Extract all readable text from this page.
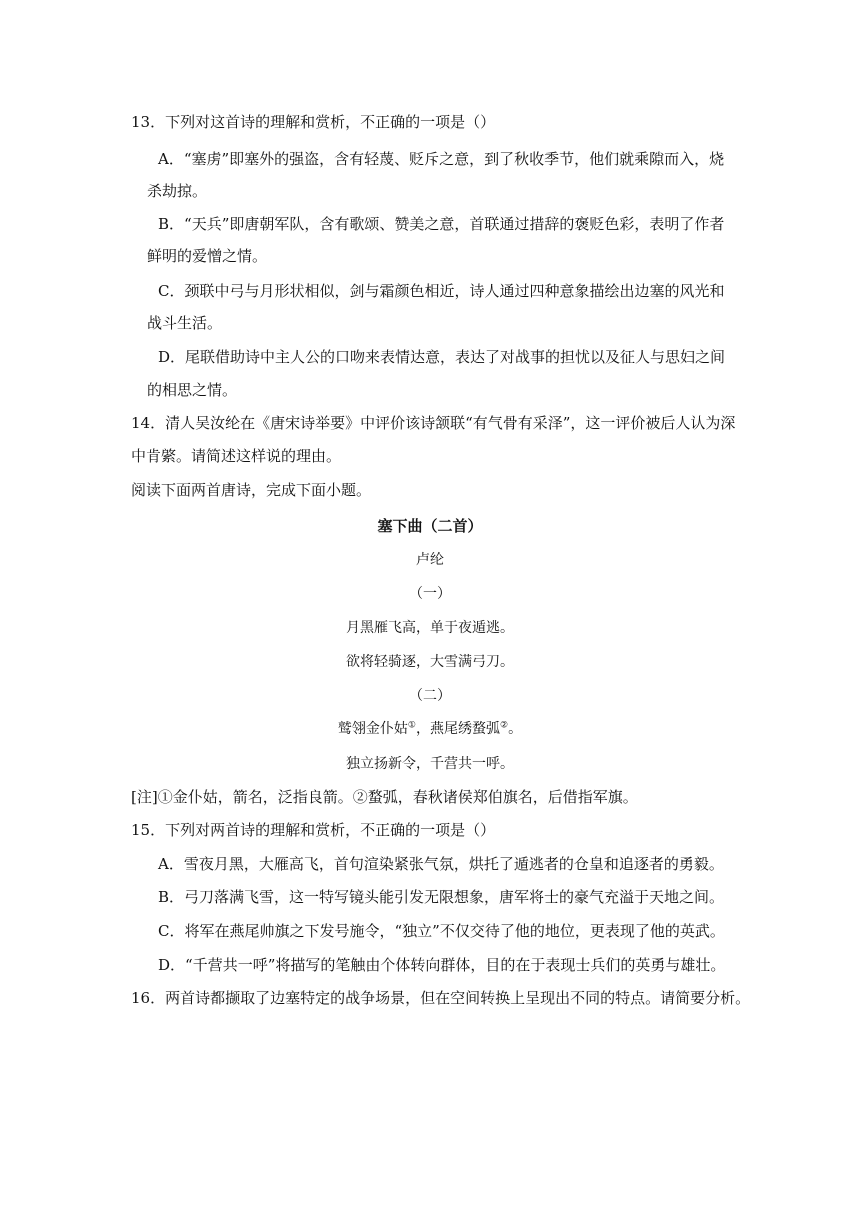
13．下列对这首诗的理解和赏析，不正确的一项是（）
A．“塞虏”即塞外的强盗，含有轻蔑、贬斥之意，到了秋收季节，他们就乘隙而入，烧
杀劫掠。
B．“天兵”即唐朝军队，含有歌颂、赞美之意，首联通过措辞的褒贬色彩，表明了作者
鲜明的爱憎之情。
C．颈联中弓与月形状相似，剑与霜颜色相近，诗人通过四种意象描绘出边塞的风光和
战斗生活。
D．尾联借助诗中主人公的口吻来表情达意，表达了对战事的担忧以及征人与思妇之间
的相思之情。
14．清人吴汝纶在《唐宋诗举要》中评价该诗颔联“有气骨有采泽”，这一评价被后人认为深
中肯綮。请简述这样说的理由。
阅读下面两首唐诗，完成下面小题。
塞下曲（二首）
卢纶
（一）
月黑雁飞高，单于夜遁逃。
欲将轻骑逐，大雪满弓刀。
（二）
鹫翎金仆姑①，燕尾绣蝥弧②。
独立扬新令，千营共一呼。
[注]①金仆姑，箭名，泛指良箭。②蝥弧，春秋诸侯郑伯旗名，后借指军旗。
15．下列对两首诗的理解和赏析，不正确的一项是（）
A．雪夜月黑，大雁高飞，首句渲染紧张气氛，烘托了遁逃者的仓皇和追逐者的勇毅。
B．弓刀落满飞雪，这一特写镜头能引发无限想象，唐军将士的豪气充溢于天地之间。
C．将军在燕尾帅旗之下发号施令，“独立”不仅交待了他的地位，更表现了他的英武。
D．“千营共一呼”将描写的笔触由个体转向群体，目的在于表现士兵们的英勇与雄壮。
16．两首诗都撷取了边塞特定的战争场景，但在空间转换上呈现出不同的特点。请简要分析。
